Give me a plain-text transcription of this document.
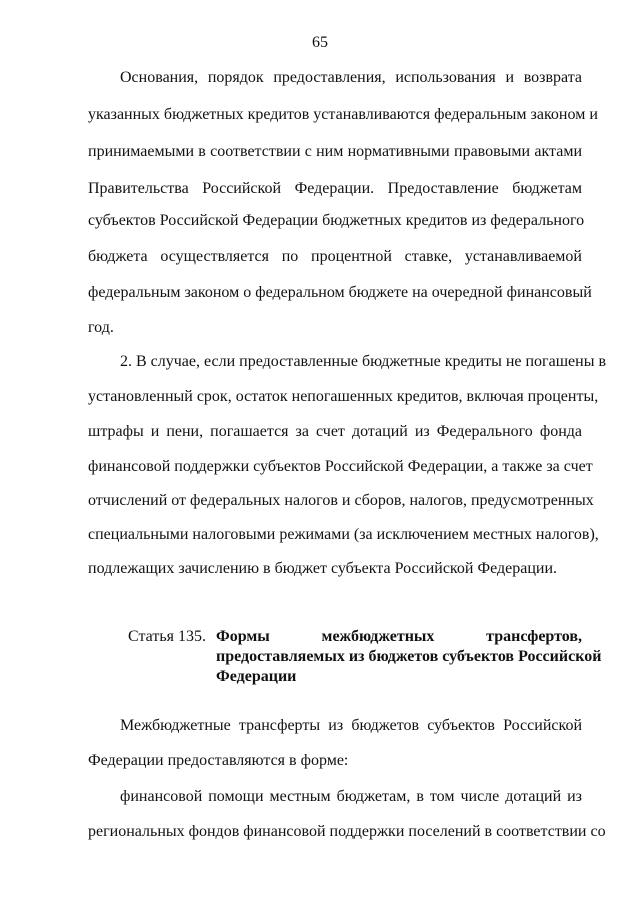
65
Основания, порядок предоставления, использования и возврата
указанных бюджетных кредитов устанавливаются федеральным законом и
принимаемыми в соответствии с ним нормативными правовыми актами
Правительства Российской Федерации. Предоставление бюджетам
субъектов Российской Федерации бюджетных кредитов из федерального
бюджета осуществляется по процентной ставке, устанавливаемой
федеральным законом о федеральном бюджете на очередной финансовый
год.
2. В случае, если предоставленные бюджетные кредиты не погашены в
установленный срок, остаток непогашенных кредитов, включая проценты,
штрафы и пени, погашается за счет дотаций из Федерального фонда
финансовой поддержки субъектов Российской Федерации, а также за счет
отчислений от федеральных налогов и сборов, налогов, предусмотренных
специальными налоговыми режимами (за исключением местных налогов),
подлежащих зачислению в бюджет субъекта Российской Федерации.
Статья 135. Формы межбюджетных трансфертов,
предоставляемых из бюджетов субъектов Российской
Федерации
Межбюджетные трансферты из бюджетов субъектов Российской
Федерации предоставляются в форме:
финансовой помощи местным бюджетам, в том числе дотаций из
региональных фондов финансовой поддержки поселений в соответствии со
